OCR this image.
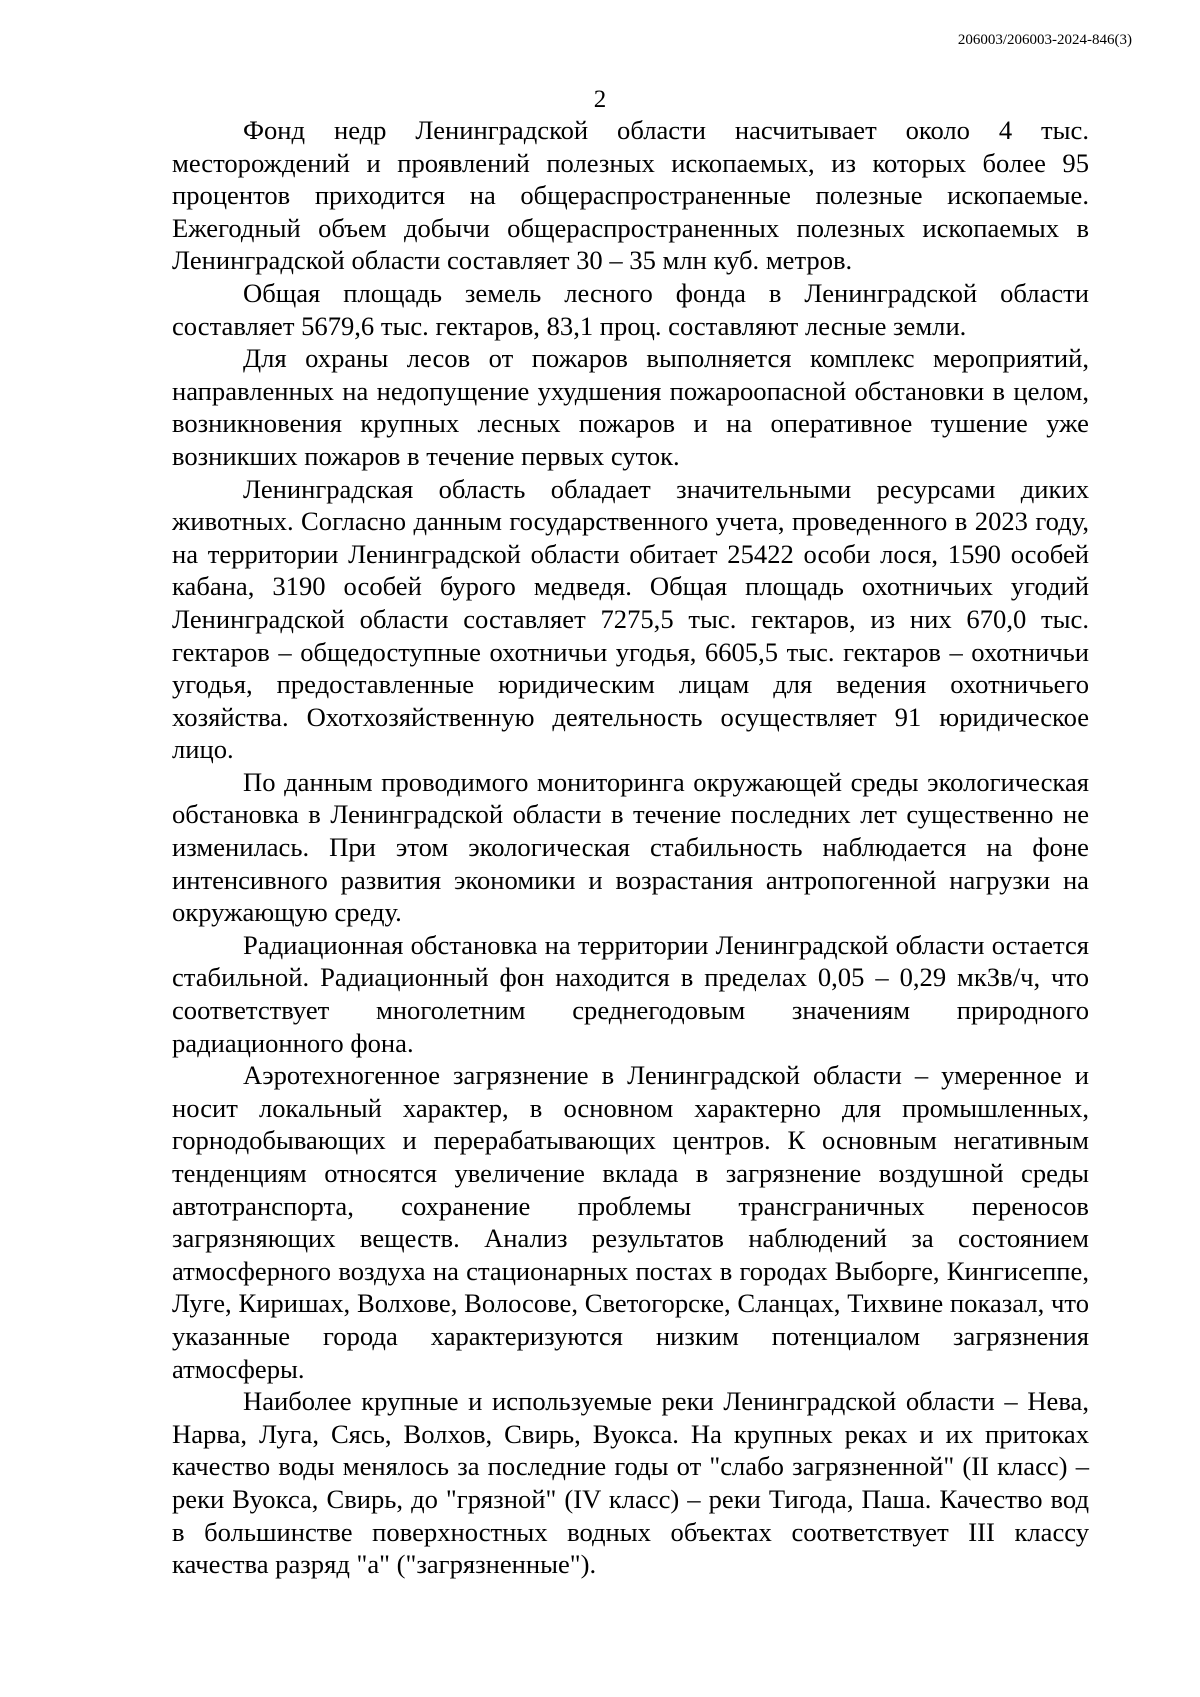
206003/206003-2024-846(3)
2

Фонд недр Ленинградской области насчитывает около 4 тыс. месторождений и проявлений полезных ископаемых, из которых более 95 процентов приходится на общераспространенные полезные ископаемые. Ежегодный объем добычи общераспространенных полезных ископаемых в Ленинградской области составляет 30 – 35 млн куб. метров.

Общая площадь земель лесного фонда в Ленинградской области составляет 5679,6 тыс. гектаров, 83,1 проц. составляют лесные земли.

Для охраны лесов от пожаров выполняется комплекс мероприятий, направленных на недопущение ухудшения пожароопасной обстановки в целом, возникновения крупных лесных пожаров и на оперативное тушение уже возникших пожаров в течение первых суток.

Ленинградская область обладает значительными ресурсами диких животных. Согласно данным государственного учета, проведенного в 2023 году, на территории Ленинградской области обитает 25422 особи лося, 1590 особей кабана, 3190 особей бурого медведя. Общая площадь охотничьих угодий Ленинградской области составляет 7275,5 тыс. гектаров, из них 670,0 тыс. гектаров – общедоступные охотничьи угодья, 6605,5 тыс. гектаров – охотничьи угодья, предоставленные юридическим лицам для ведения охотничьего хозяйства. Охотхозяйственную деятельность осуществляет 91 юридическое лицо.

По данным проводимого мониторинга окружающей среды экологическая обстановка в Ленинградской области в течение последних лет существенно не изменилась. При этом экологическая стабильность наблюдается на фоне интенсивного развития экономики и возрастания антропогенной нагрузки на окружающую среду.

Радиационная обстановка на территории Ленинградской области остается стабильной. Радиационный фон находится в пределах 0,05 – 0,29 мкЗв/ч, что соответствует многолетним среднегодовым значениям природного радиационного фона.

Аэротехногенное загрязнение в Ленинградской области – умеренное и носит локальный характер, в основном характерно для промышленных, горнодобывающих и перерабатывающих центров. К основным негативным тенденциям относятся увеличение вклада в загрязнение воздушной среды автотранспорта, сохранение проблемы трансграничных переносов загрязняющих веществ. Анализ результатов наблюдений за состоянием атмосферного воздуха на стационарных постах в городах Выборге, Кингисеппе, Луге, Киришах, Волхове, Волосове, Светогорске, Сланцах, Тихвине показал, что указанные города характеризуются низким потенциалом загрязнения атмосферы.

Наиболее крупные и используемые реки Ленинградской области – Нева, Нарва, Луга, Сясь, Волхов, Свирь, Вуокса. На крупных реках и их притоках качество воды менялось за последние годы от "слабо загрязненной" (II класс) – реки Вуокса, Свирь, до "грязной" (IV класс) – реки Тигода, Паша. Качество вод в большинстве поверхностных водных объектах соответствует III классу качества разряд "а" ("загрязненные").
